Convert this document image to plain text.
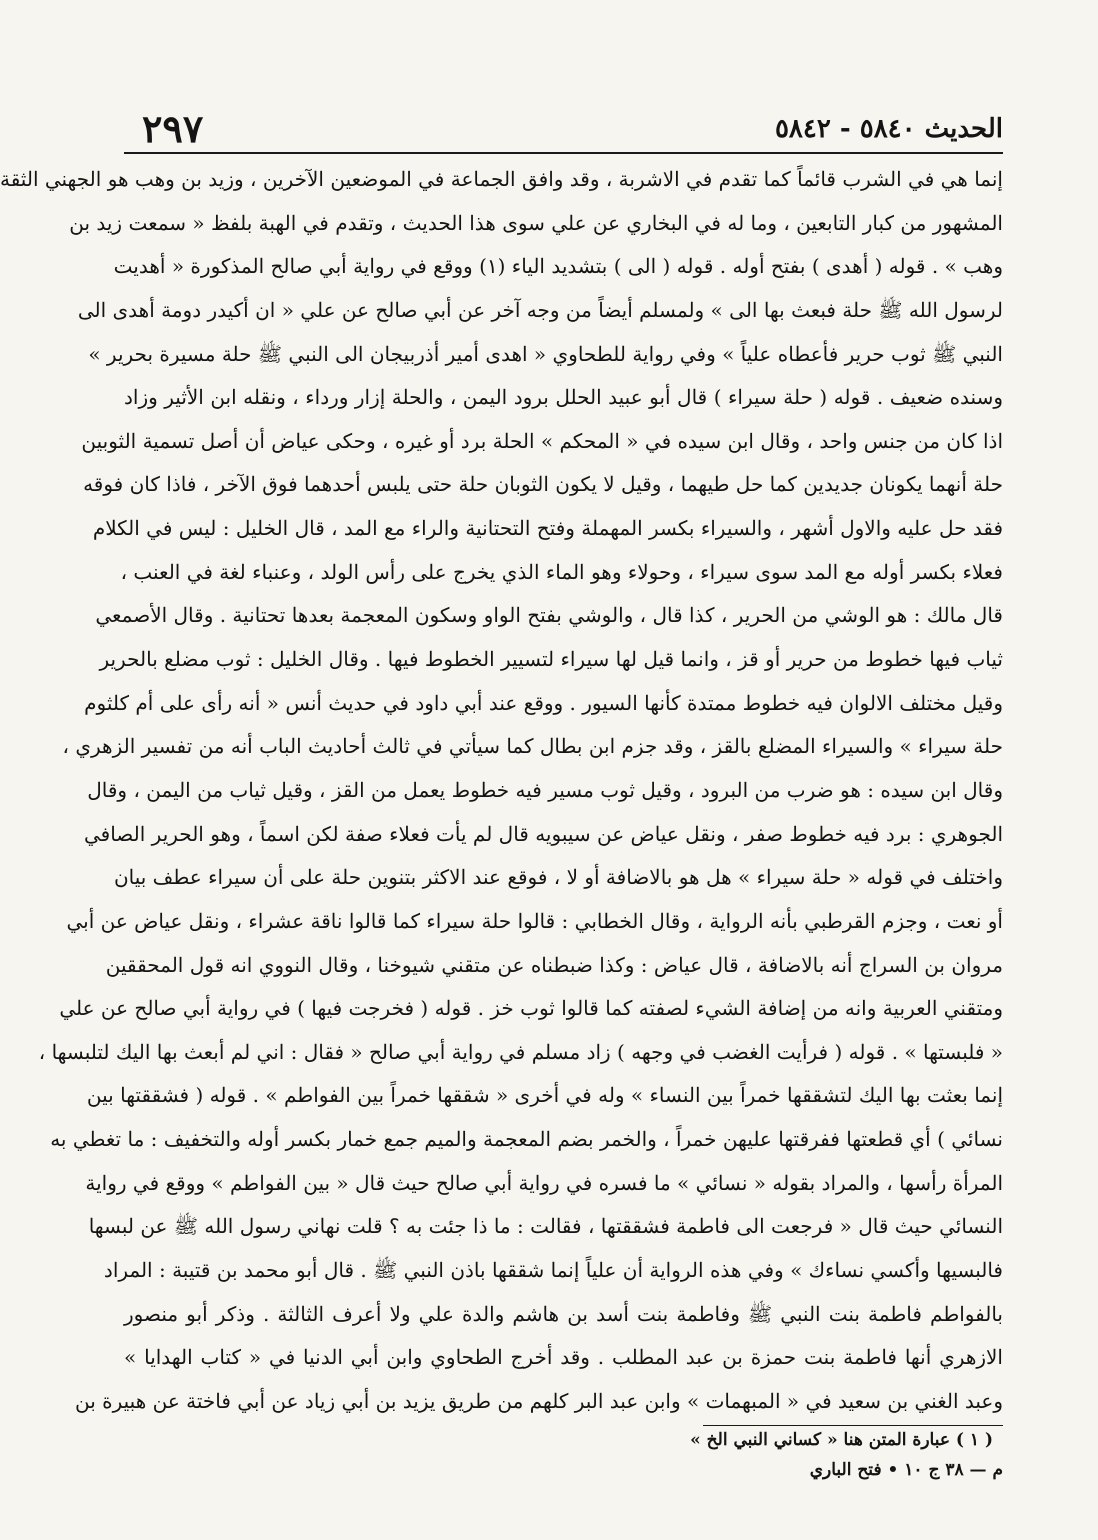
٢٩٧	الحديث ٥٨٤٠ - ٥٨٤٢
إنما هي في الشرب قائماً كما تقدم في الاشربة ، وقد وافق الجماعة في الموضعين الآخرين ، وزيد بن وهب هو الجهني الثقة
المشهور من كبار التابعين ، وما له في البخاري عن علي سوى هذا الحديث ، وتقدم في الهبة بلفظ « سمعت زيد بن
وهب » . قوله ( أهدى ) بفتح أوله . قوله ( الى ) بتشديد الياء (١) ووقع في رواية أبي صالح المذكورة « أهديت
لرسول الله ﷺ حلة فبعث بها الى » ولمسلم أيضاً من وجه آخر عن أبي صالح عن علي « ان أكيدر دومة أهدى الى
النبي ﷺ ثوب حرير فأعطاه علياً » وفي رواية للطحاوي « اهدى أمير أذربيجان الى النبي ﷺ حلة مسيرة بحرير »
وسنده ضعيف . قوله ( حلة سيراء ) قال أبو عبيد الحلل برود اليمن ، والحلة إزار ورداء ، ونقله ابن الأثير وزاد
اذا كان من جنس واحد ، وقال ابن سيده في « المحكم » الحلة برد أو غيره ، وحكى عياض أن أصل تسمية الثوبين
حلة أنهما يكونان جديدين كما حل طيهما ، وقيل لا يكون الثوبان حلة حتى يلبس أحدهما فوق الآخر ، فاذا كان فوقه
فقد حل عليه والاول أشهر ، والسيراء بكسر المهملة وفتح التحتانية والراء مع المد ، قال الخليل : ليس في الكلام
فعلاء بكسر أوله مع المد سوى سيراء ، وحولاء وهو الماء الذي يخرج على رأس الولد ، وعنباء لغة في العنب ،
قال مالك : هو الوشي من الحرير ، كذا قال ، والوشي بفتح الواو وسكون المعجمة بعدها تحتانية . وقال الأصمعي
ثياب فيها خطوط من حرير أو قز ، وانما قيل لها سيراء لتسيير الخطوط فيها . وقال الخليل : ثوب مضلع بالحرير
وقيل مختلف الالوان فيه خطوط ممتدة كأنها السيور . ووقع عند أبي داود في حديث أنس « أنه رأى على أم كلثوم
حلة سيراء » والسيراء المضلع بالقز ، وقد جزم ابن بطال كما سيأتي في ثالث أحاديث الباب أنه من تفسير الزهري ،
وقال ابن سيده : هو ضرب من البرود ، وقيل ثوب مسير فيه خطوط يعمل من القز ، وقيل ثياب من اليمن ، وقال
الجوهري : برد فيه خطوط صفر ، ونقل عياض عن سيبويه قال لم يأت فعلاء صفة لكن اسماً ، وهو الحرير الصافي
واختلف في قوله « حلة سيراء » هل هو بالاضافة أو لا ، فوقع عند الاكثر بتنوين حلة على أن سيراء عطف بيان
أو نعت ، وجزم القرطبي بأنه الرواية ، وقال الخطابي : قالوا حلة سيراء كما قالوا ناقة عشراء ، ونقل عياض عن أبي
مروان بن السراج أنه بالاضافة ، قال عياض : وكذا ضبطناه عن متقني شيوخنا ، وقال النووي انه قول المحققين
ومتقني العربية وانه من إضافة الشيء لصفته كما قالوا ثوب خز . قوله ( فخرجت فيها ) في رواية أبي صالح عن علي
« فلبستها » . قوله ( فرأيت الغضب في وجهه ) زاد مسلم في رواية أبي صالح « فقال : اني لم أبعث بها اليك لتلبسها ،
إنما بعثت بها اليك لتشققها خمراً بين النساء » وله في أخرى « شققها خمراً بين الفواطم » . قوله ( فشققتها بين
نسائي ) أي قطعتها ففرقتها عليهن خمراً ، والخمر بضم المعجمة والميم جمع خمار بكسر أوله والتخفيف : ما تغطي به
المرأة رأسها ، والمراد بقوله « نسائي » ما فسره في رواية أبي صالح حيث قال « بين الفواطم » ووقع في رواية
النسائي حيث قال « فرجعت الى فاطمة فشققتها ، فقالت : ما ذا جئت به ؟ قلت نهاني رسول الله ﷺ عن لبسها
فالبسيها وأكسي نساءك » وفي هذه الرواية أن علياً إنما شققها باذن النبي ﷺ . قال أبو محمد بن قتيبة : المراد
بالفواطم فاطمة بنت النبي ﷺ وفاطمة بنت أسد بن هاشم والدة علي ولا أعرف الثالثة . وذكر أبو منصور
الازهري أنها فاطمة بنت حمزة بن عبد المطلب . وقد أخرج الطحاوي وابن أبي الدنيا في « كتاب الهدايا »
وعبد الغني بن سعيد في « المبهمات » وابن عبد البر كلهم من طريق يزيد بن أبي زياد عن أبي فاختة عن هبيرة بن
( ١ ) عبارة المتن هنا « كساني النبي الخ »
م — ٣٨ ج ١٠ • فتح الباري
